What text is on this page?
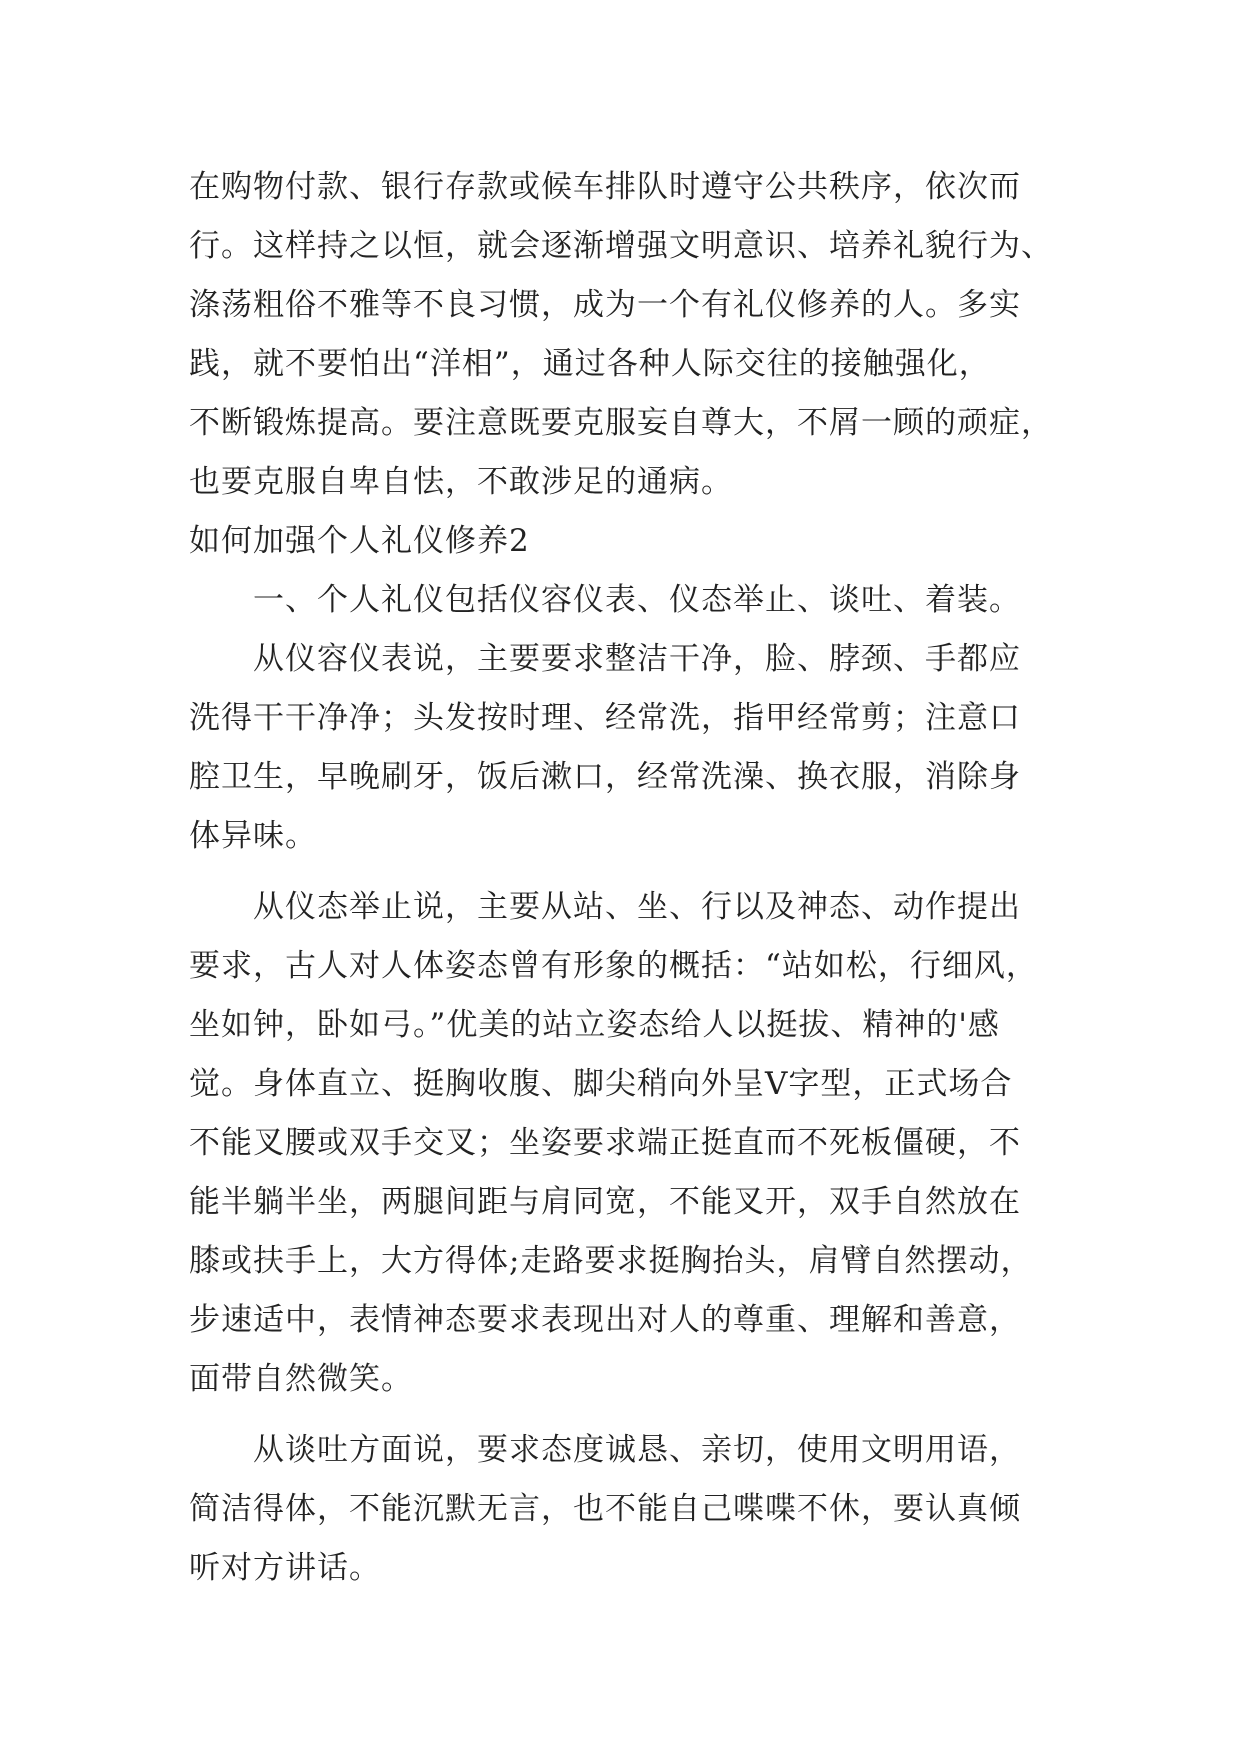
在购物付款、银行存款或候车排队时遵守公共秩序，依次而
行。这样持之以恒，就会逐渐增强文明意识、培养礼貌行为、
涤荡粗俗不雅等不良习惯，成为一个有礼仪修养的人。多实
践，就不要怕出“洋相”，通过各种人际交往的接触强化，
不断锻炼提高。要注意既要克服妄自尊大，不屑一顾的顽症，
也要克服自卑自怯，不敢涉足的通病。
如何加强个人礼仪修养2
一、个人礼仪包括仪容仪表、仪态举止、谈吐、着装。
从仪容仪表说，主要要求整洁干净，脸、脖颈、手都应
洗得干干净净；头发按时理、经常洗，指甲经常剪；注意口
腔卫生，早晚刷牙，饭后漱口，经常洗澡、换衣服，消除身
体异味。
从仪态举止说，主要从站、坐、行以及神态、动作提出
要求，古人对人体姿态曾有形象的概括：“站如松，行细风，
坐如钟，卧如弓。”优美的站立姿态给人以挺拔、精神的'感
觉。身体直立、挺胸收腹、脚尖稍向外呈V字型，正式场合
不能叉腰或双手交叉；坐姿要求端正挺直而不死板僵硬，不
能半躺半坐，两腿间距与肩同宽，不能叉开，双手自然放在
膝或扶手上，大方得体;走路要求挺胸抬头，肩臂自然摆动，
步速适中，表情神态要求表现出对人的尊重、理解和善意，
面带自然微笑。
从谈吐方面说，要求态度诚恳、亲切，使用文明用语，
简洁得体，不能沉默无言，也不能自己喋喋不休，要认真倾
听对方讲话。
